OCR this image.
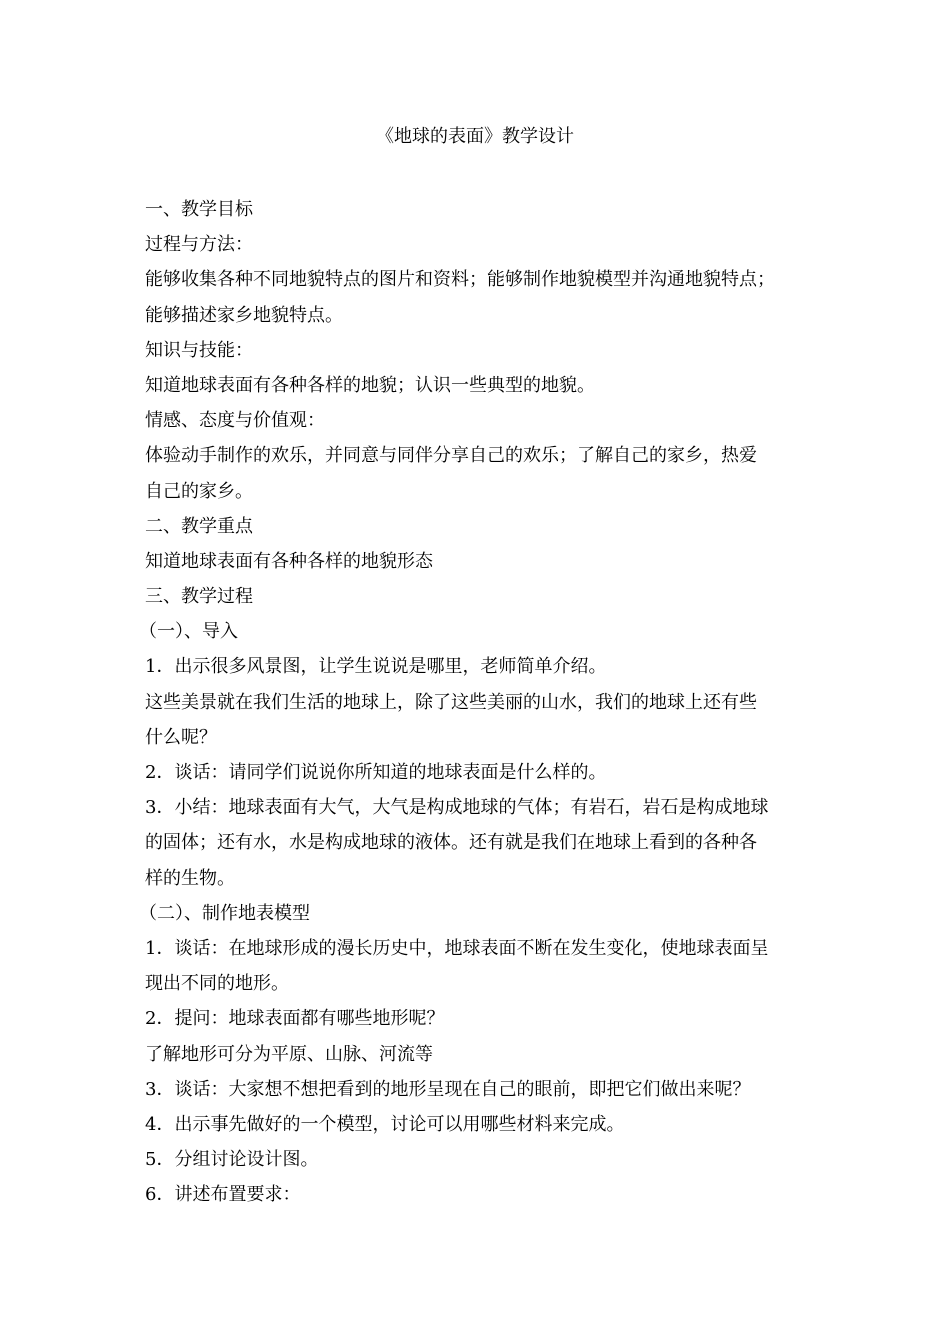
《地球的表面》教学设计
一、教学目标
过程与方法：
能够收集各种不同地貌特点的图片和资料；能够制作地貌模型并沟通地貌特点；
能够描述家乡地貌特点。
知识与技能：
知道地球表面有各种各样的地貌；认识一些典型的地貌。
情感、态度与价值观：
体验动手制作的欢乐，并同意与同伴分享自己的欢乐；了解自己的家乡，热爱
自己的家乡。
二、教学重点
知道地球表面有各种各样的地貌形态
三、教学过程
（一）、导入
1．出示很多风景图，让学生说说是哪里，老师简单介绍。
这些美景就在我们生活的地球上，除了这些美丽的山水，我们的地球上还有些
什么呢？
2．谈话：请同学们说说你所知道的地球表面是什么样的。
3．小结：地球表面有大气，大气是构成地球的气体；有岩石，岩石是构成地球
的固体；还有水，水是构成地球的液体。还有就是我们在地球上看到的各种各
样的生物。
（二）、制作地表模型
1．谈话：在地球形成的漫长历史中，地球表面不断在发生变化，使地球表面呈
现出不同的地形。
2．提问：地球表面都有哪些地形呢？
了解地形可分为平原、山脉、河流等
3．谈话：大家想不想把看到的地形呈现在自己的眼前，即把它们做出来呢？
4．出示事先做好的一个模型，讨论可以用哪些材料来完成。
5．分组讨论设计图。
6．讲述布置要求：
